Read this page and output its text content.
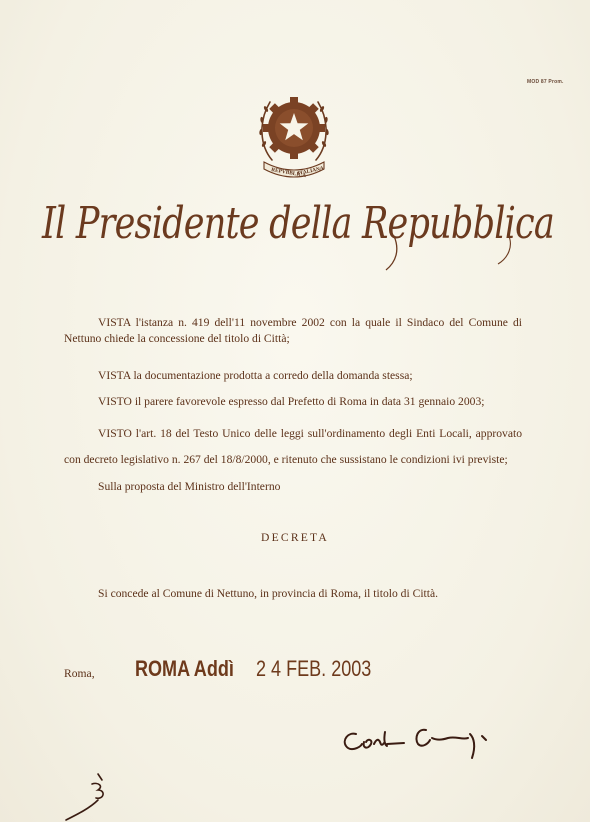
MOD 87 Prom.
REPVBBLICA
ITALIANA
Il Presidente della Repubblica

VISTA l'istanza n. 419 dell'11 novembre 2002 con la quale il Sindaco del Comune di Nettuno chiede la concessione del titolo di Città;

VISTA la documentazione prodotta a corredo della domanda stessa;

VISTO il parere favorevole espresso dal Prefetto di Roma in data 31 gennaio 2003;

VISTO l'art. 18 del Testo Unico delle leggi sull'ordinamento degli Enti Locali, approvato con decreto legislativo n. 267 del 18/8/2000, e ritenuto che sussistano le condizioni ivi previste;

Sulla proposta del Ministro dell'Interno

DECRETA

Si concede al Comune di Nettuno, in provincia di Roma, il titolo di Città.

Roma, ROMA Addì 2 4 FEB. 2003
